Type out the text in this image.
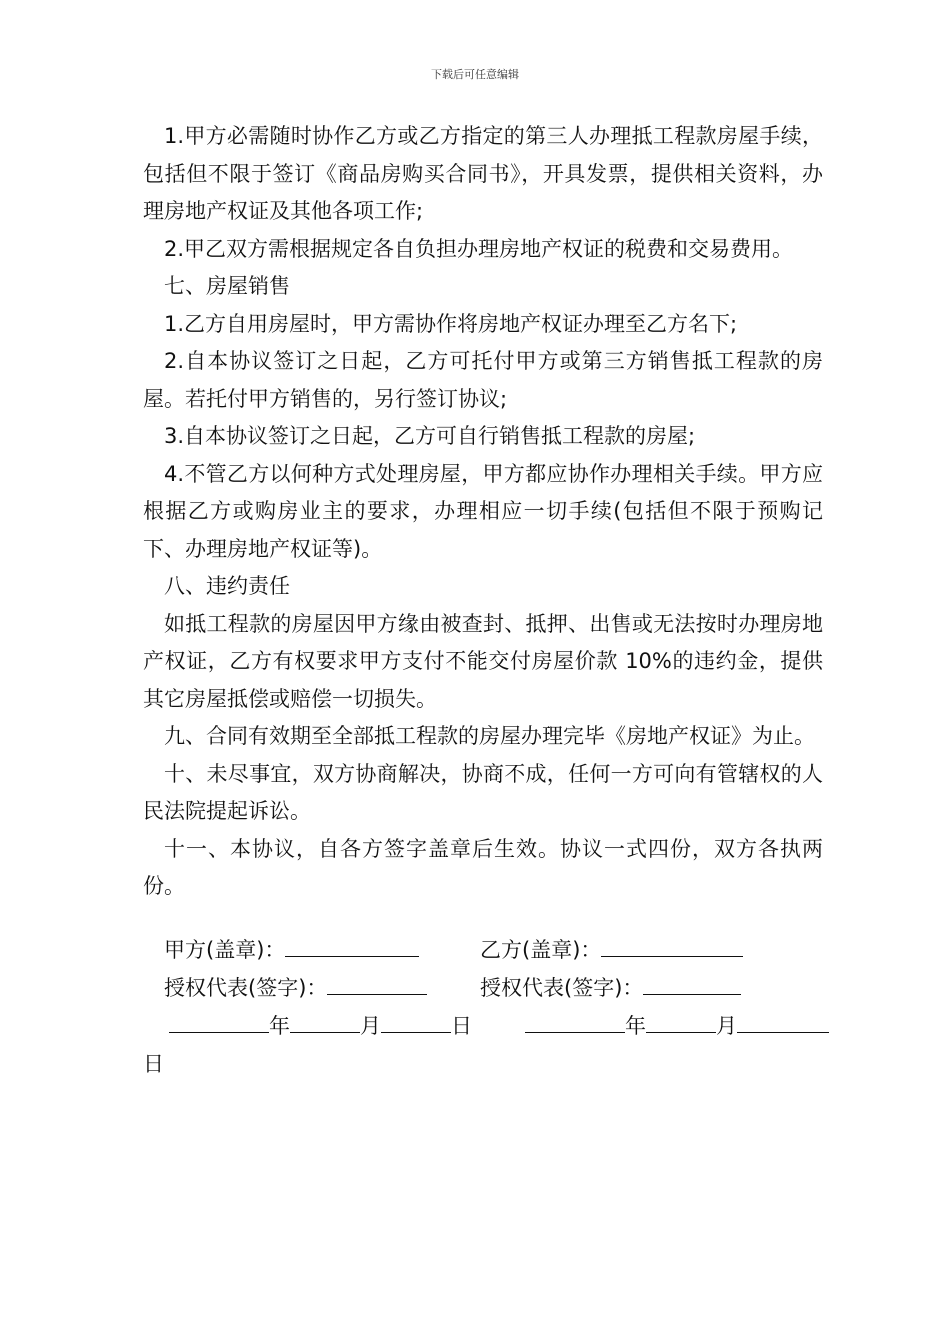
下载后可任意编辑

1.甲方必需随时协作乙方或乙方指定的第三人办理抵工程款房屋手续，包括但不限于签订《商品房购买合同书》，开具发票，提供相关资料，办理房地产权证及其他各项工作;

2.甲乙双方需根据规定各自负担办理房地产权证的税费和交易费用。

七、房屋销售

1.乙方自用房屋时，甲方需协作将房地产权证办理至乙方名下;

2.自本协议签订之日起，乙方可托付甲方或第三方销售抵工程款的房屋。若托付甲方销售的，另行签订协议;

3.自本协议签订之日起，乙方可自行销售抵工程款的房屋;

4.不管乙方以何种方式处理房屋，甲方都应协作办理相关手续。甲方应根据乙方或购房业主的要求，办理相应一切手续(包括但不限于预购记下、办理房地产权证等)。

八、违约责任

如抵工程款的房屋因甲方缘由被查封、抵押、出售或无法按时办理房地产权证，乙方有权要求甲方支付不能交付房屋价款 10%的违约金，提供其它房屋抵偿或赔偿一切损失。

九、合同有效期至全部抵工程款的房屋办理完毕《房地产权证》为止。

十、未尽事宜，双方协商解决，协商不成，任何一方可向有管辖权的人民法院提起诉讼。

十一、本协议，自各方签字盖章后生效。协议一式四份，双方各执两份。

甲方(盖章)：	乙方(盖章)：
授权代表(签字)：	授权代表(签字)：
年	月	日	年	月
日
